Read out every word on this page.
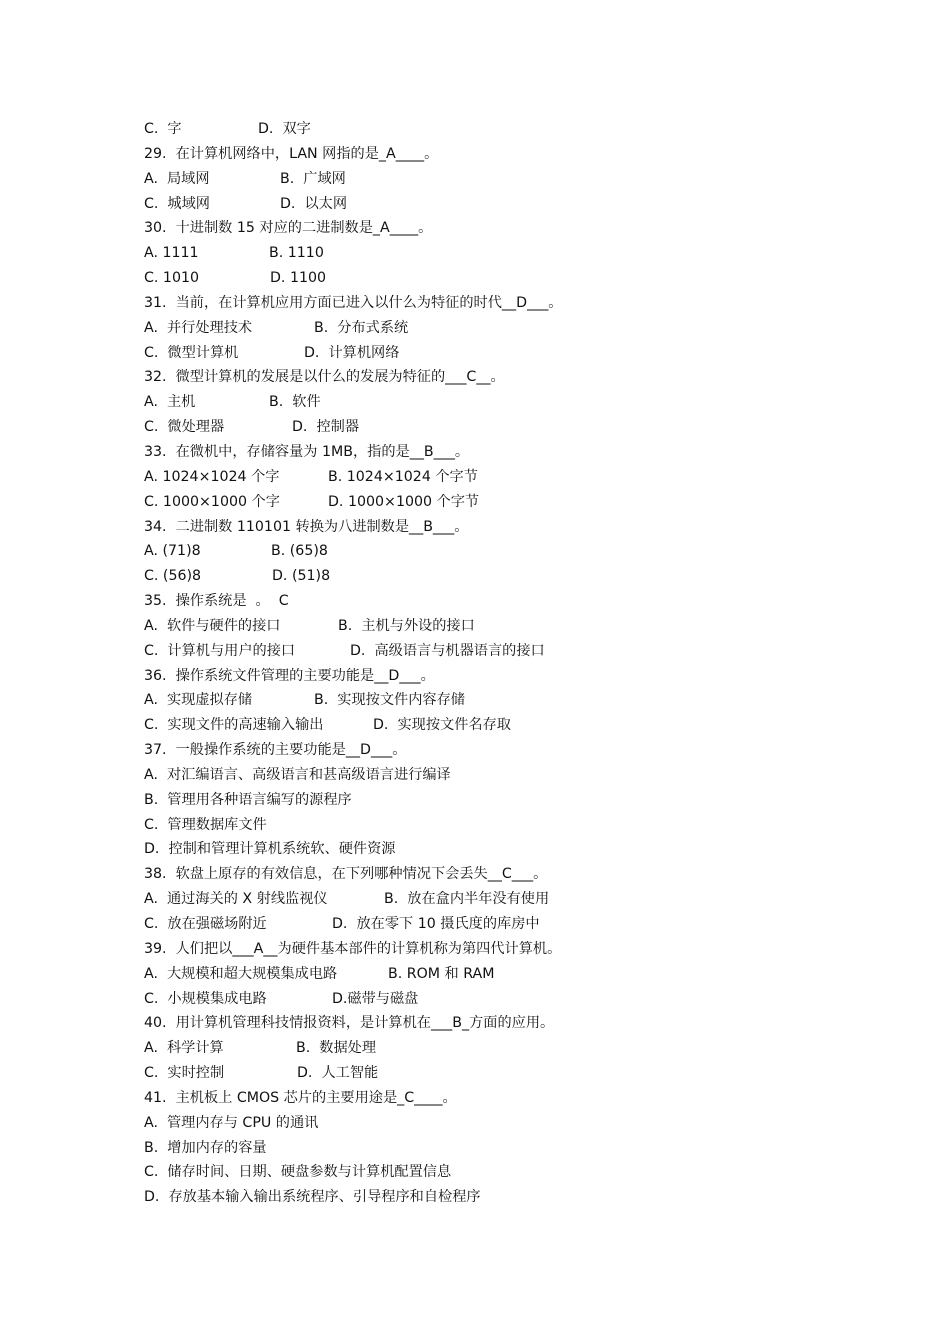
C.  字	D.  双字
29.  在计算机网络中，LAN 网指的是_A____。
A.  局域网	B.  广域网
C.  城域网	D.  以太网
30.  十进制数 15 对应的二进制数是_A____。
A. 1111	B. 1110
C. 1010	D. 1100
31.  当前，在计算机应用方面已进入以什么为特征的时代__D___。
A.  并行处理技术	B.  分布式系统
C.  微型计算机	D.  计算机网络
32.  微型计算机的发展是以什么的发展为特征的___C__。
A.  主机	B.  软件
C.  微处理器	D.  控制器
33.  在微机中，存储容量为 1MB，指的是__B___。
A. 1024×1024 个字	B. 1024×1024 个字节
C. 1000×1000 个字	D. 1000×1000 个字节
34.  二进制数 110101 转换为八进制数是__B___。
A. (71)8	B. (65)8
C. (56)8	D. (51)8
35.  操作系统是  。  C
A.  软件与硬件的接口	B.  主机与外设的接口
C.  计算机与用户的接口	D.  高级语言与机器语言的接口
36.  操作系统文件管理的主要功能是__D___。
A.  实现虚拟存储	B.  实现按文件内容存储
C.  实现文件的高速输入输出	D.  实现按文件名存取
37.  一般操作系统的主要功能是__D___。
A.  对汇编语言、高级语言和甚高级语言进行编译
B.  管理用各种语言编写的源程序
C.  管理数据库文件
D.  控制和管理计算机系统软、硬件资源
38.  软盘上原存的有效信息，在下列哪种情况下会丢失__C___。
A.  通过海关的 X 射线监视仪	B.  放在盒内半年没有使用
C.  放在强磁场附近	D.  放在零下 10 摄氏度的库房中
39.  人们把以___A__为硬件基本部件的计算机称为第四代计算机。
A.  大规模和超大规模集成电路	B. ROM 和 RAM
C.  小规模集成电路	D.磁带与磁盘
40.  用计算机管理科技情报资料，是计算机在___B_方面的应用。
A.  科学计算	B.  数据处理
C.  实时控制	D.  人工智能
41.  主机板上 CMOS 芯片的主要用途是_C____。
A.  管理内存与 CPU 的通讯
B.  增加内存的容量
C.  储存时间、日期、硬盘参数与计算机配置信息
D.  存放基本输入输出系统程序、引导程序和自检程序
